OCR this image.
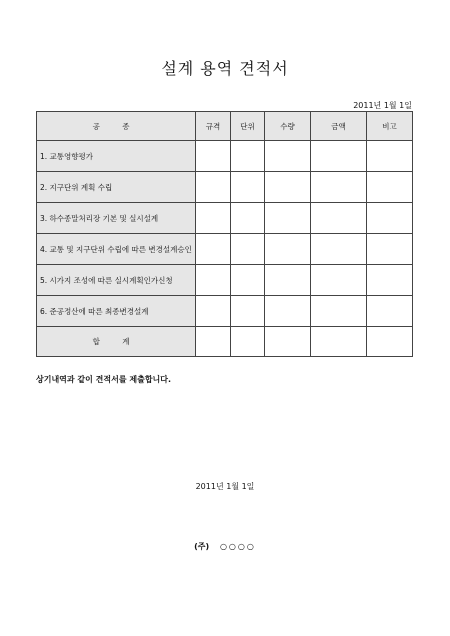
설계 용역 견적서
2011년 1월 1일
공 종	규격	단위	수량	금액	비고
1. 교통영향평가					
2. 지구단위 계획 수립					
3. 하수종말처리장 기본 및 실시설계					
4. 교통 및 지구단위 수립에 따른 변경설계승인					
5. 시가지 조성에 따른 실시계획인가신청					
6. 준공정산에 따른 최종변경설계					
합 계					
상기내역과 같이 견적서를 제출합니다.
2011년 1월 1일
(주) ○○○○
